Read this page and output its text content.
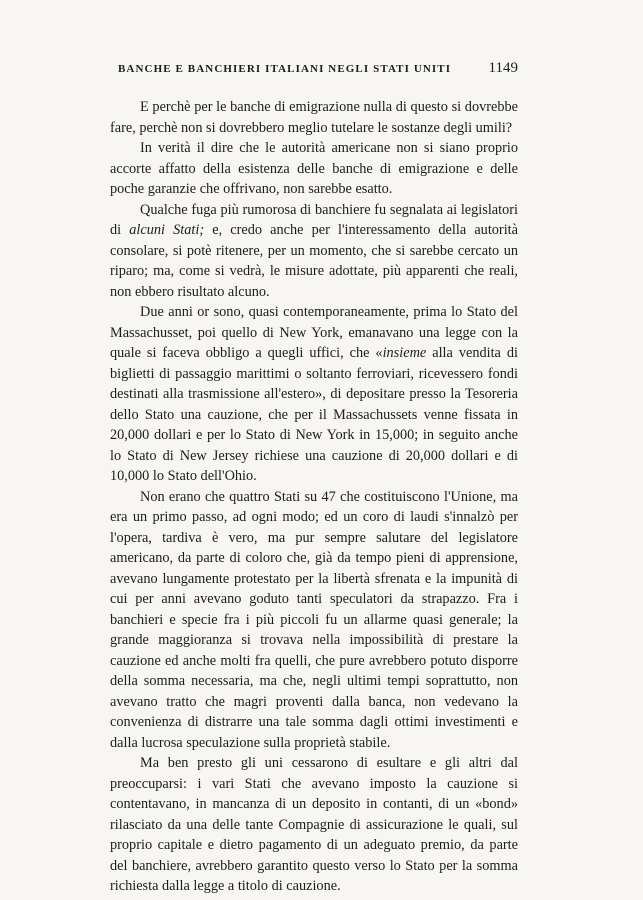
BANCHE E BANCHIERI ITALIANI NEGLI STATI UNITI 1149

E perchè per le banche di emigrazione nulla di questo si dovrebbe fare, perchè non si dovrebbero meglio tutelare le sostanze degli umili?

In verità il dire che le autorità americane non si siano proprio accorte affatto della esistenza delle banche di emigrazione e delle poche garanzie che offrivano, non sarebbe esatto.

Qualche fuga più rumorosa di banchiere fu segnalata ai legislatori di alcuni Stati; e, credo anche per l'interessamento della autorità consolare, si potè ritenere, per un momento, che si sarebbe cercato un riparo; ma, come si vedrà, le misure adottate, più apparenti che reali, non ebbero risultato alcuno.

Due anni or sono, quasi contemporaneamente, prima lo Stato del Massachusset, poi quello di New York, emanavano una legge con la quale si faceva obbligo a quegli uffici, che «insieme alla vendita di biglietti di passaggio marittimi o soltanto ferroviari, ricevessero fondi destinati alla trasmissione all'estero», di depositare presso la Tesoreria dello Stato una cauzione, che per il Massachussets venne fissata in 20,000 dollari e per lo Stato di New York in 15,000; in seguito anche lo Stato di New Jersey richiese una cauzione di 20,000 dollari e di 10,000 lo Stato dell'Ohio.

Non erano che quattro Stati su 47 che costituiscono l'Unione, ma era un primo passo, ad ogni modo; ed un coro di laudi s'innalzò per l'opera, tardiva è vero, ma pur sempre salutare del legislatore americano, da parte di coloro che, già da tempo pieni di apprensione, avevano lungamente protestato per la libertà sfrenata e la impunità di cui per anni avevano goduto tanti speculatori da strapazzo. Fra i banchieri e specie fra i più piccoli fu un allarme quasi generale; la grande maggioranza si trovava nella impossibilità di prestare la cauzione ed anche molti fra quelli, che pure avrebbero potuto disporre della somma necessaria, ma che, negli ultimi tempi soprattutto, non avevano tratto che magri proventi dalla banca, non vedevano la convenienza di distrarre una tale somma dagli ottimi investimenti e dalla lucrosa speculazione sulla proprietà stabile.

Ma ben presto gli uni cessarono di esultare e gli altri dal preoccuparsi: i vari Stati che avevano imposto la cauzione si contentavano, in mancanza di un deposito in contanti, di un «bond» rilasciato da una delle tante Compagnie di assicurazione le quali, sul proprio capitale e dietro pagamento di un adeguato premio, da parte del banchiere, avrebbero garantito questo verso lo Stato per la somma richiesta dalla legge a titolo di cauzione.
